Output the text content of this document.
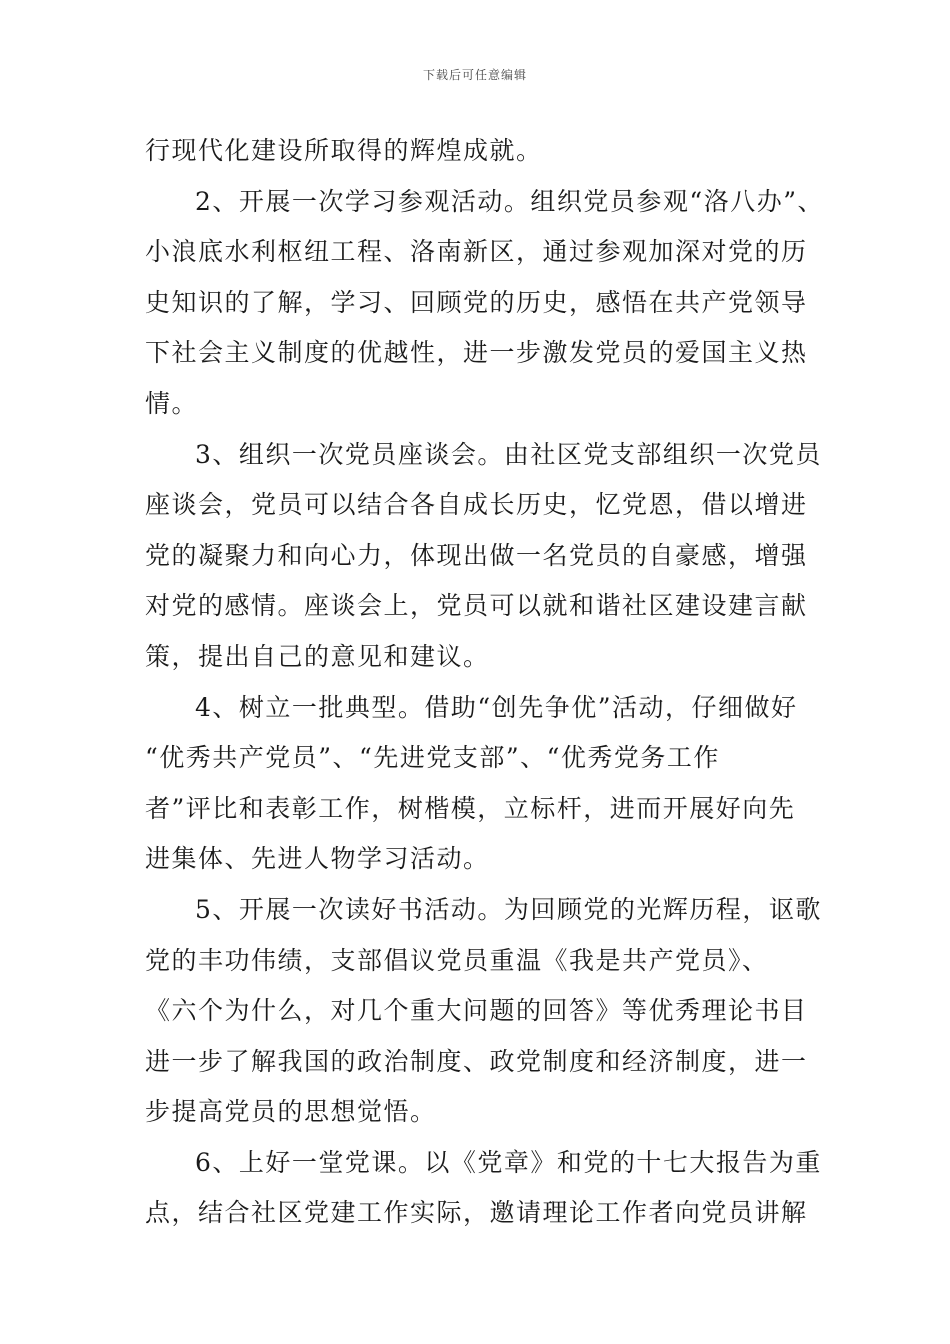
下载后可任意编辑
行现代化建设所取得的辉煌成就。
2、开展一次学习参观活动。组织党员参观“洛八办”、
小浪底水利枢纽工程、洛南新区，通过参观加深对党的历
史知识的了解，学习、回顾党的历史，感悟在共产党领导
下社会主义制度的优越性，进一步激发党员的爱国主义热
情。
3、组织一次党员座谈会。由社区党支部组织一次党员
座谈会，党员可以结合各自成长历史，忆党恩，借以增进
党的凝聚力和向心力，体现出做一名党员的自豪感，增强
对党的感情。座谈会上，党员可以就和谐社区建设建言献
策，提出自己的意见和建议。
4、树立一批典型。借助“创先争优”活动，仔细做好
“优秀共产党员”、“先进党支部”、“优秀党务工作
者”评比和表彰工作，树楷模，立标杆，进而开展好向先
进集体、先进人物学习活动。
5、开展一次读好书活动。为回顾党的光辉历程，讴歌
党的丰功伟绩，支部倡议党员重温《我是共产党员》、
《六个为什么，对几个重大问题的回答》等优秀理论书目
进一步了解我国的政治制度、政党制度和经济制度，进一
步提高党员的思想觉悟。
6、上好一堂党课。以《党章》和党的十七大报告为重
点，结合社区党建工作实际，邀请理论工作者向党员讲解
